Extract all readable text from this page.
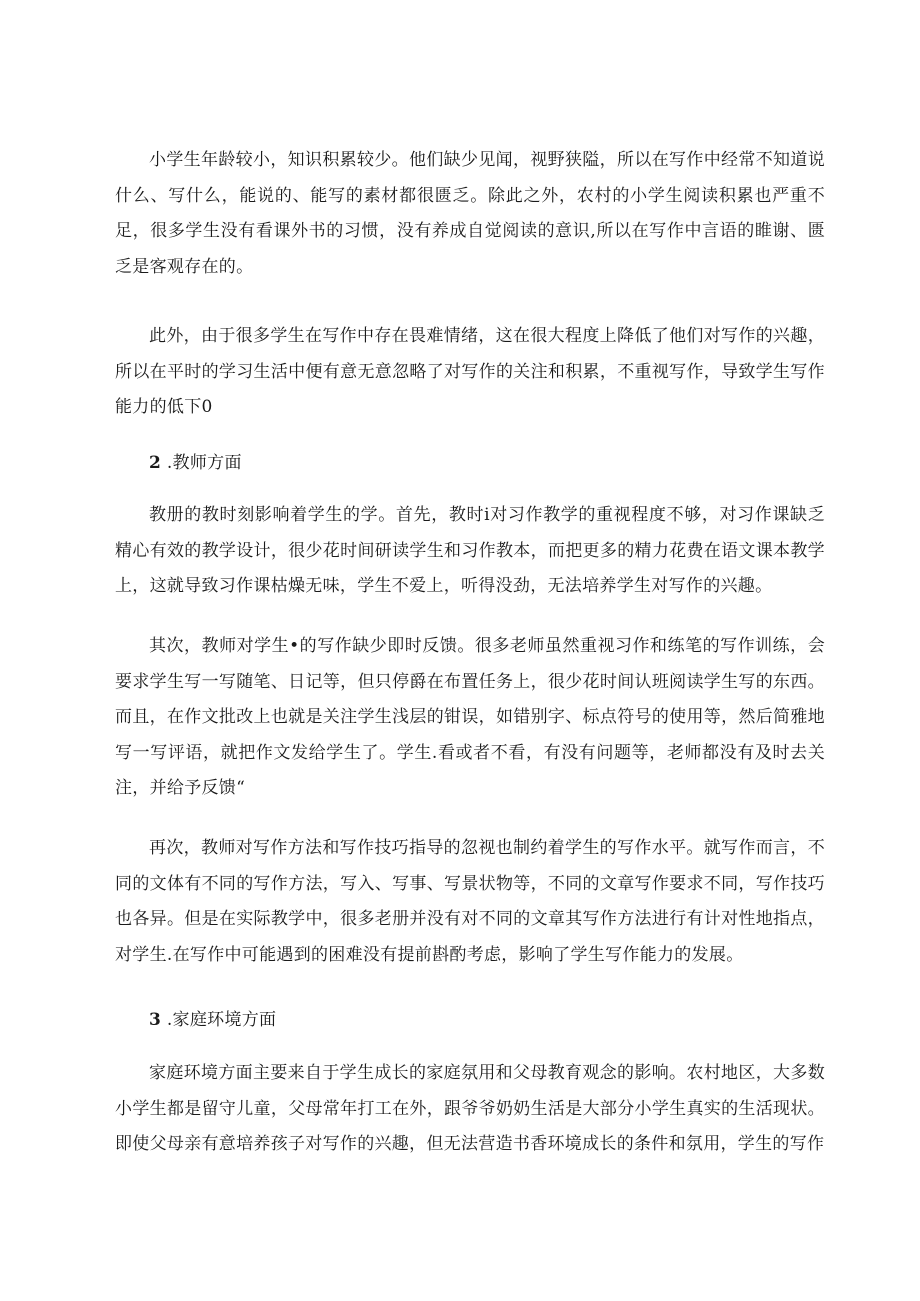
小学生年龄较小，知识积累较少。他们缺少见闻，视野狭隘，所以在写作中经常不知道说什么、写什么，能说的、能写的素材都很匮乏。除此之外，农村的小学生阅读积累也严重不足，很多学生没有看课外书的习惯，没有养成自觉阅读的意识,所以在写作中言语的睢谢、匮乏是客观存在的。

此外，由于很多学生在写作中存在畏难情绪，这在很大程度上降低了他们对写作的兴趣，所以在平时的学习生活中便有意无意忽略了对写作的关注和积累，不重视写作，导致学生写作能力的低下0

2 .教师方面

教册的教时刻影响着学生的学。首先，教时i对习作教学的重视程度不够，对习作课缺乏精心有效的教学设计，很少花时间研读学生和习作教本，而把更多的精力花费在语文课本教学上，这就导致习作课枯燥无味，学生不爱上，听得没劲，无法培养学生对写作的兴趣。

其次，教师对学生•的写作缺少即时反馈。很多老师虽然重视习作和练笔的写作训练，会要求学生写一写随笔、日记等，但只停爵在布置任务上，很少花时间认班阅读学生写的东西。而且，在作文批改上也就是关注学生浅层的钳误，如错别字、标点符号的使用等，然后简雅地写一写评语，就把作文发给学生了。学生.看或者不看，有没有问题等，老师都没有及时去关注，并给予反馈“

再次，教师对写作方法和写作技巧指导的忽视也制约着学生的写作水平。就写作而言，不同的文体有不同的写作方法，写入、写事、写景状物等，不同的文章写作要求不同，写作技巧也各异。但是在实际教学中，很多老册并没有对不同的文章其写作方法进行有计对性地指点，对学生.在写作中可能遇到的困难没有提前斟酌考虑，影响了学生写作能力的发展。

3 .家庭环境方面

家庭环境方面主要来自于学生成长的家庭氛用和父母教育观念的影响。农村地区，大多数小学生都是留守儿童，父母常年打工在外，跟爷爷奶奶生活是大部分小学生真实的生活现状。即使父母亲有意培养孩子对写作的兴趣，但无法营造书香环境成长的条件和氛用，学生的写作
